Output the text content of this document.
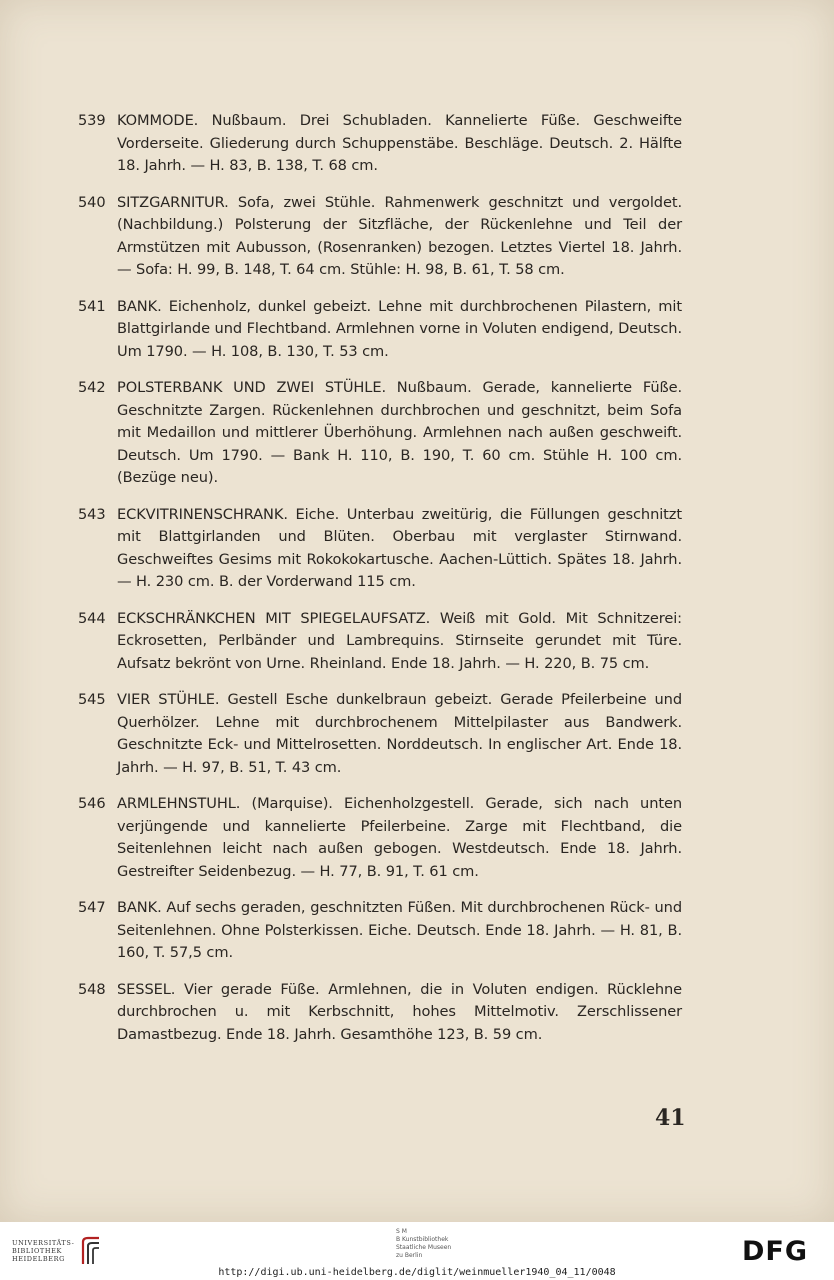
539 KOMMODE. Nußbaum. Drei Schubladen. Kannelierte Füße. Geschweifte Vorderseite. Gliederung durch Schuppenstäbe. Beschläge. Deutsch. 2. Hälfte 18. Jahrh. — H. 83, B. 138, T. 68 cm.
540 SITZGARNITUR. Sofa, zwei Stühle. Rahmenwerk geschnitzt und vergoldet. (Nachbildung.) Polsterung der Sitzfläche, der Rückenlehne und Teil der Armstützen mit Aubusson, (Rosenranken) bezogen. Letztes Viertel 18. Jahrh. — Sofa: H. 99, B. 148, T. 64 cm. Stühle: H. 98, B. 61, T. 58 cm.
541 BANK. Eichenholz, dunkel gebeizt. Lehne mit durchbrochenen Pilastern, mit Blattgirlande und Flechtband. Armlehnen vorne in Voluten endigend, Deutsch. Um 1790. — H. 108, B. 130, T. 53 cm.
542 POLSTERBANK UND ZWEI STÜHLE. Nußbaum. Gerade, kannelierte Füße. Geschnitzte Zargen. Rückenlehnen durchbrochen und geschnitzt, beim Sofa mit Medaillon und mittlerer Überhöhung. Armlehnen nach außen geschweift. Deutsch. Um 1790. — Bank H. 110, B. 190, T. 60 cm. Stühle H. 100 cm. (Bezüge neu).
543 ECKVITRINENSCHRANK. Eiche. Unterbau zweitürig, die Füllungen geschnitzt mit Blattgirlanden und Blüten. Oberbau mit verglaster Stirnwand. Geschweiftes Gesims mit Rokokokartusche. Aachen-Lüttich. Spätes 18. Jahrh. — H. 230 cm. B. der Vorderwand 115 cm.
544 ECKSCHRÄNKCHEN MIT SPIEGELAUFSATZ. Weiß mit Gold. Mit Schnitzerei: Eckrosetten, Perlbänder und Lambrequins. Stirnseite gerundet mit Türe. Aufsatz bekrönt von Urne. Rheinland. Ende 18. Jahrh. — H. 220, B. 75 cm.
545 VIER STÜHLE. Gestell Esche dunkelbraun gebeizt. Gerade Pfeilerbeine und Querhölzer. Lehne mit durchbrochenem Mittelpilaster aus Bandwerk. Geschnitzte Eck- und Mittelrosetten. Norddeutsch. In englischer Art. Ende 18. Jahrh. — H. 97, B. 51, T. 43 cm.
546 ARMLEHNSTUHL. (Marquise). Eichenholzgestell. Gerade, sich nach unten verjüngende und kannelierte Pfeilerbeine. Zarge mit Flechtband, die Seitenlehnen leicht nach außen gebogen. Westdeutsch. Ende 18. Jahrh. Gestreifter Seidenbezug. — H. 77, B. 91, T. 61 cm.
547 BANK. Auf sechs geraden, geschnitzten Füßen. Mit durchbrochenen Rück- und Seitenlehnen. Ohne Polsterkissen. Eiche. Deutsch. Ende 18. Jahrh. — H. 81, B. 160, T. 57,5 cm.
548 SESSEL. Vier gerade Füße. Armlehnen, die in Voluten endigen. Rücklehne durchbrochen u. mit Kerbschnitt, hohes Mittelmotiv. Zerschlissener Damastbezug. Ende 18. Jahrh. Gesamthöhe 123, B. 59 cm.
41
UNIVERSITÄTS-
BIBLIOTHEK
HEIDELBERG
S M
B Kunstbibliothek
Staatliche Museen
zu Berlin	DFG
http://digi.ub.uni-heidelberg.de/diglit/weinmueller1940_04_11/0048
